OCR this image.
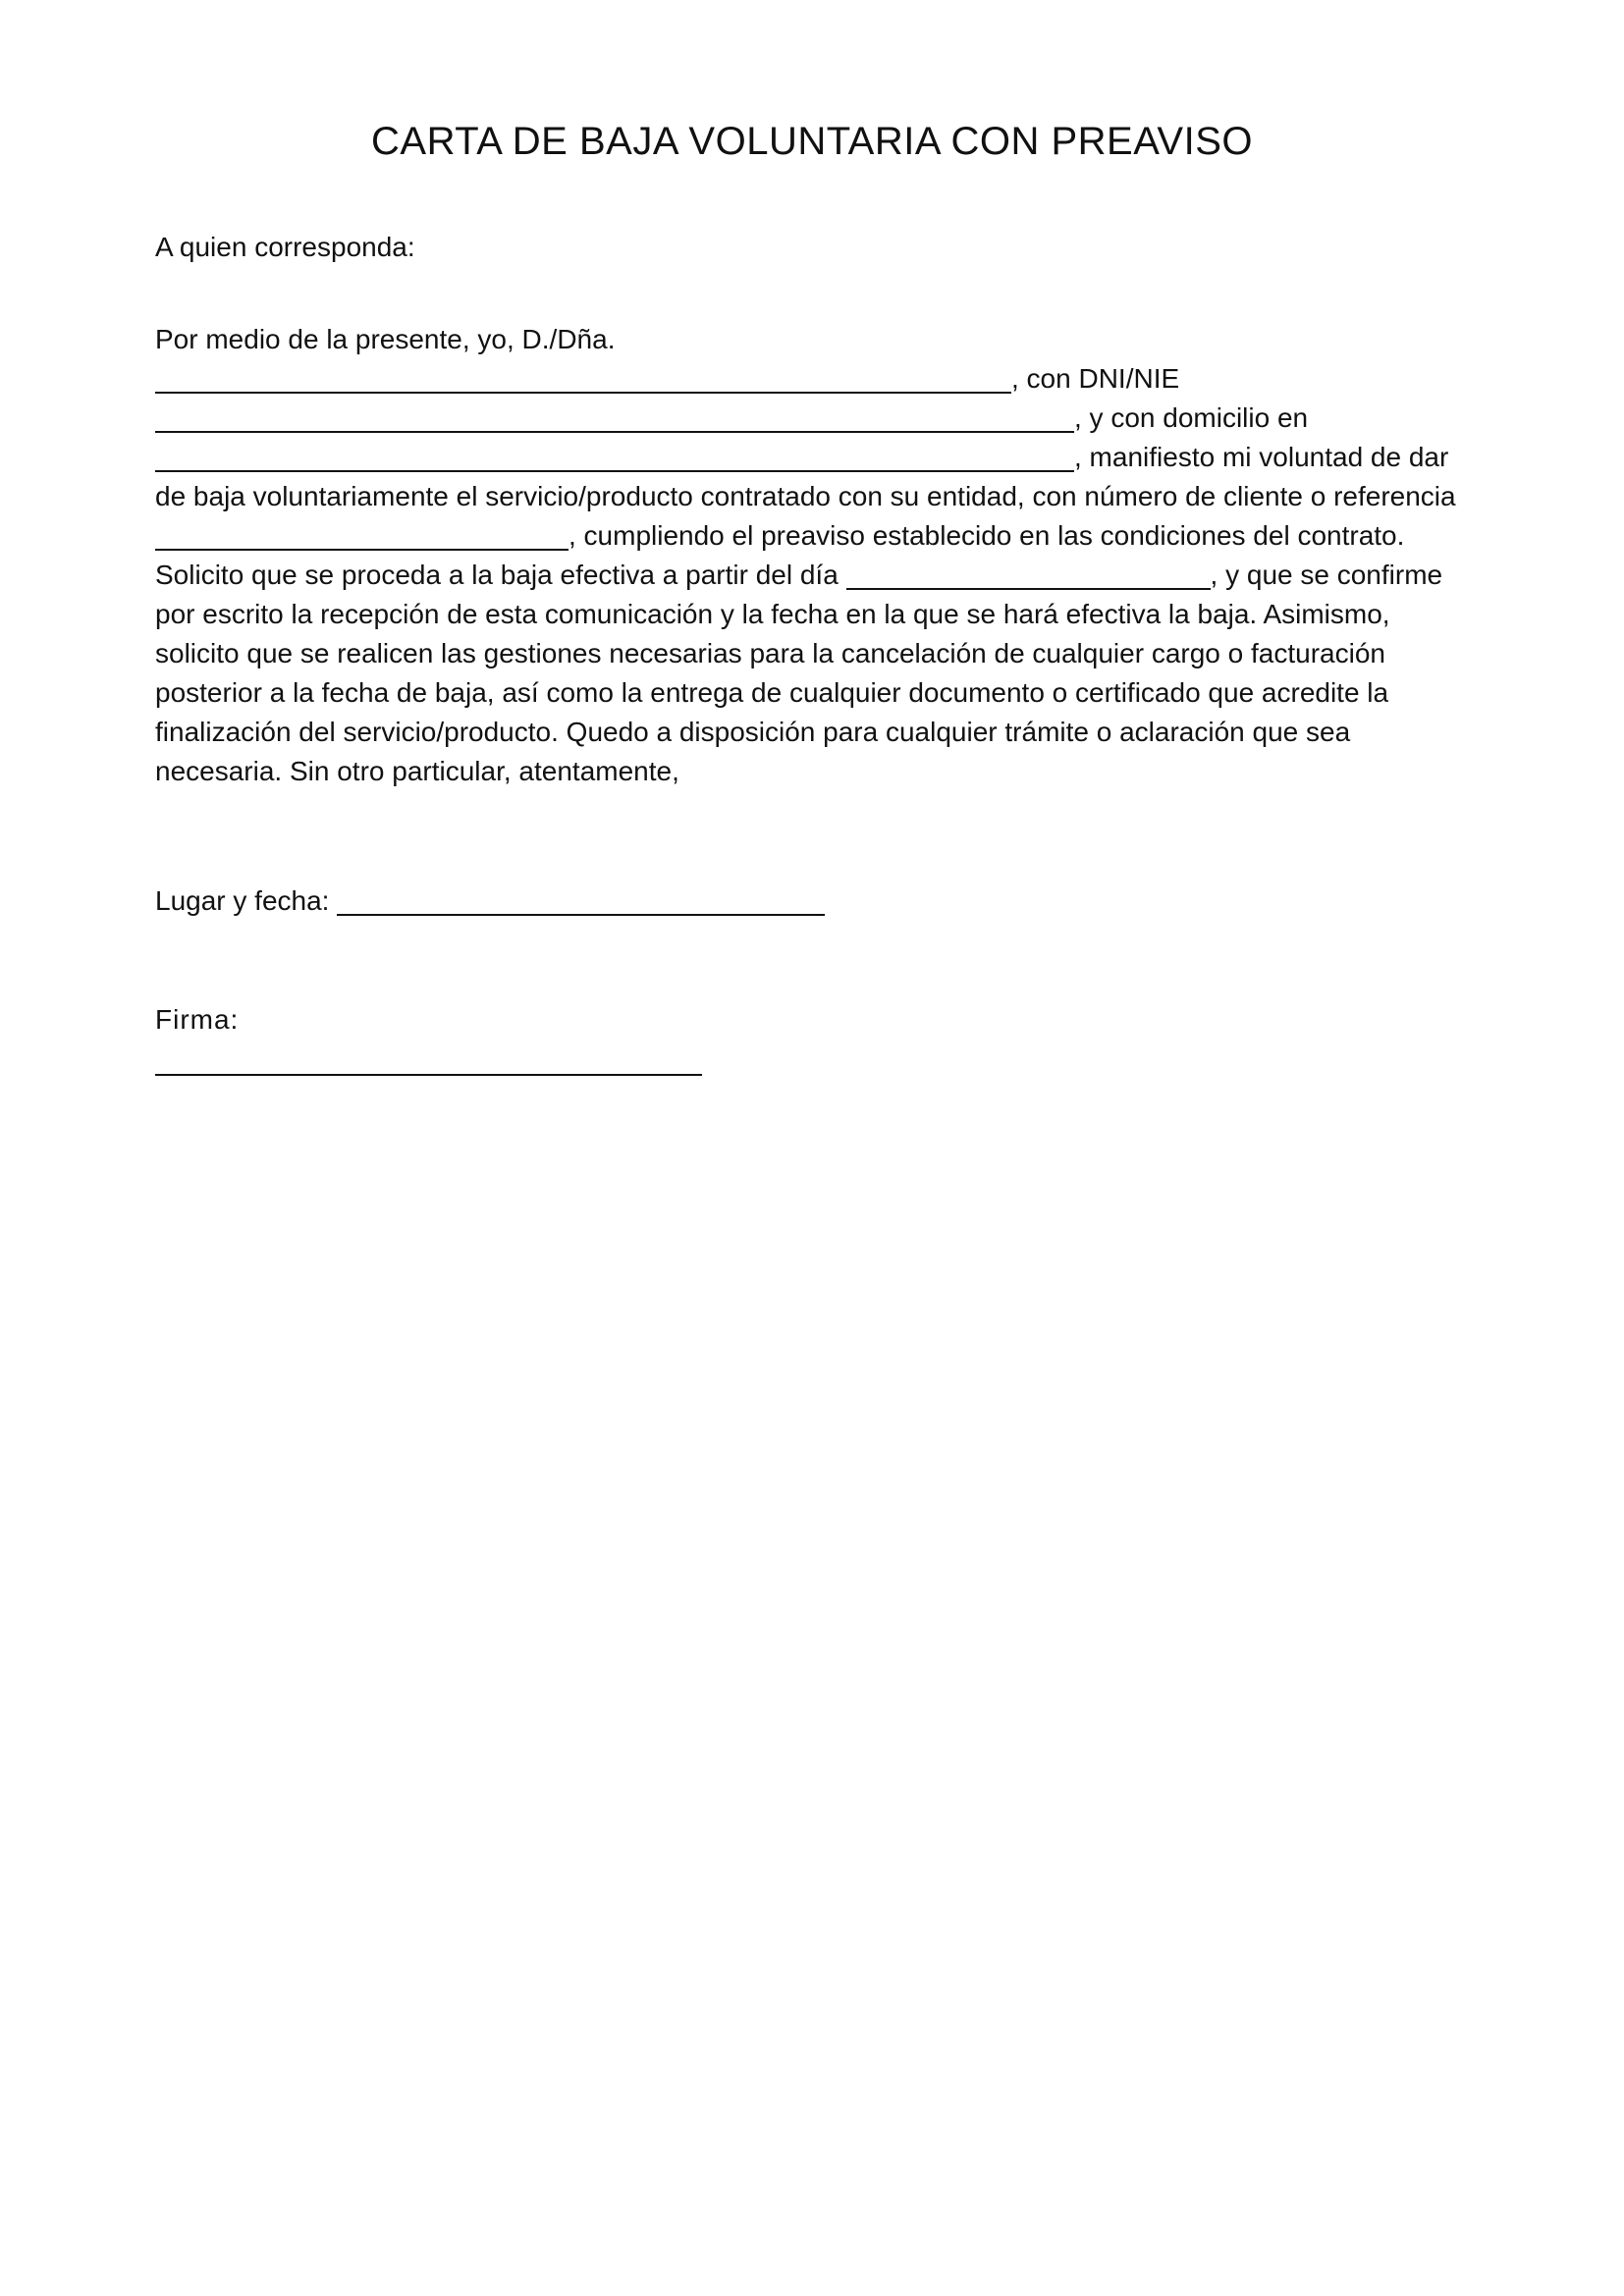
CARTA DE BAJA VOLUNTARIA CON PREAVISO
A quien corresponda:
Por medio de la presente, yo, D./Dña.
, con DNI/NIE
, y con domicilio en
, manifiesto mi voluntad de dar
de baja voluntariamente el servicio/producto contratado con su entidad, con número de cliente o referencia
, cumpliendo el preaviso establecido en las condiciones del contrato.
Solicito que se proceda a la baja efectiva a partir del día	, y que se confirme
por escrito la recepción de esta comunicación y la fecha en la que se hará efectiva la baja. Asimismo,
solicito que se realicen las gestiones necesarias para la cancelación de cualquier cargo o facturación
posterior a la fecha de baja, así como la entrega de cualquier documento o certificado que acredite la
finalización del servicio/producto. Quedo a disposición para cualquier trámite o aclaración que sea
necesaria. Sin otro particular, atentamente,
Lugar y fecha:
Firma:
